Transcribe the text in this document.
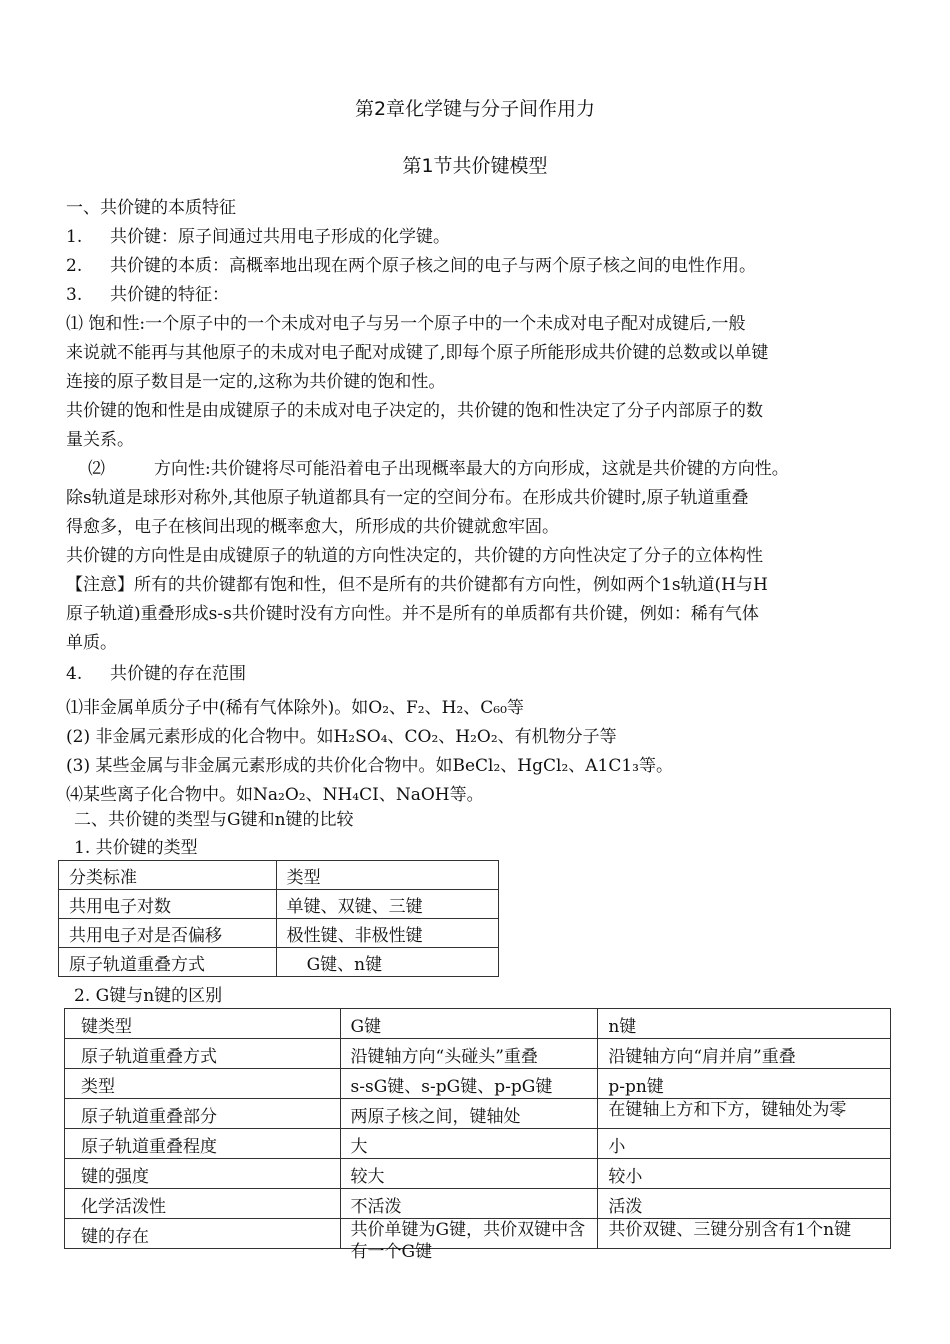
第2章化学键与分子间作用力
第1节共价键模型
一、共价键的本质特征
1. 共价键：原子间通过共用电子形成的化学键。
2. 共价键的本质：高概率地出现在两个原子核之间的电子与两个原子核之间的电性作用。
3. 共价键的特征：
⑴ 饱和性:一个原子中的一个未成对电子与另一个原子中的一个未成对电子配对成键后,一般
来说就不能再与其他原子的未成对电子配对成键了,即每个原子所能形成共价键的总数或以单键
连接的原子数目是一定的,这称为共价键的饱和性。
共价键的饱和性是由成键原子的未成对电子决定的，共价键的饱和性决定了分子内部原子的数
量关系。
⑵	方向性:共价键将尽可能沿着电子出现概率最大的方向形成，这就是共价键的方向性。
除s轨道是球形对称外,其他原子轨道都具有一定的空间分布。在形成共价键时,原子轨道重叠
得愈多，电子在核间出现的概率愈大，所形成的共价键就愈牢固。
共价键的方向性是由成键原子的轨道的方向性决定的，共价键的方向性决定了分子的立体构性
【注意】所有的共价键都有饱和性，但不是所有的共价键都有方向性，例如两个1s轨道(H与H
原子轨道)重叠形成s-s共价键时没有方向性。并不是所有的单质都有共价键，例如：稀有气体
单质。
4. 共价键的存在范围
⑴非金属单质分子中(稀有气体除外)。如O₂、F₂、H₂、C₆₀等
(2) 非金属元素形成的化合物中。如H₂SO₄、CO₂、H₂O₂、有机物分子等
(3) 某些金属与非金属元素形成的共价化合物中。如BeCl₂、HgCl₂、A1C1₃等。
⑷某些离子化合物中。如Na₂O₂、NH₄CI、NaOH等。
二、共价键的类型与G键和n键的比较
1. 共价键的类型
分类标准	类型
共用电子对数	单键、双键、三键
共用电子对是否偏移	极性键、非极性键
原子轨道重叠方式	G键、n键
2. G键与n键的区别
键类型	G键	n键
原子轨道重叠方式	沿键轴方向“头碰头”重叠	沿键轴方向“肩并肩”重叠
类型	s-sG键、s-pG键、p-pG键	p-pn键
原子轨道重叠部分	两原子核之间，键轴处	在键轴上方和下方，键轴处为零

原子轨道重叠程度	大	小
键的强度	较大	较小
化学活泼性	不活泼	活泼
键的存在	共价单键为G键，共价双键中含有一个G键	共价双键、三键分别含有1个n键
